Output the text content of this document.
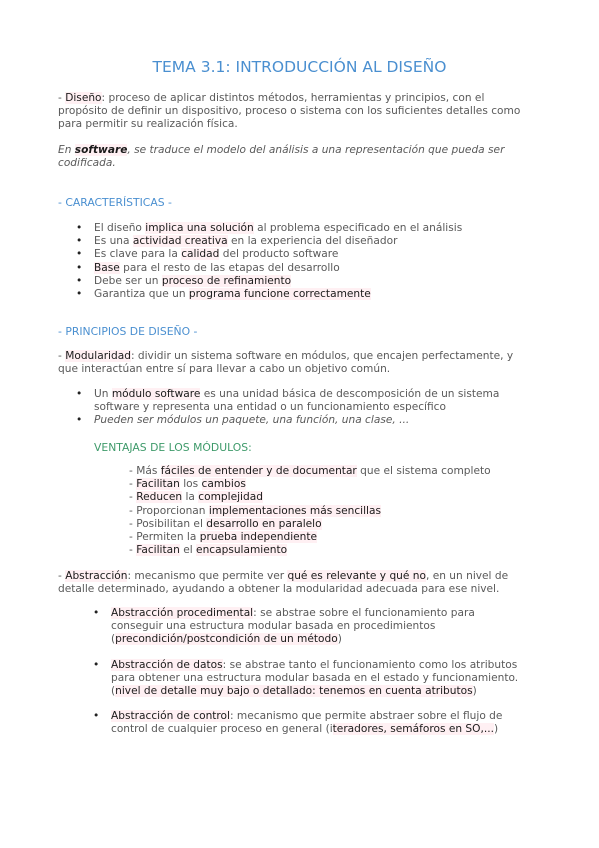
TEMA 3.1: INTRODUCCIÓN AL DISEÑO

- Diseño: proceso de aplicar distintos métodos, herramientas y principios, con el

propósito de definir un dispositivo, proceso o sistema con los suficientes detalles como

para permitir su realización física.

En software, se traduce el modelo del análisis a una representación que pueda ser

codificada.

- CARACTERÍSTICAS -
• El diseño implica una solución al problema especificado en el análisis
• Es una actividad creativa en la experiencia del diseñador
• Es clave para la calidad del producto software
• Base para el resto de las etapas del desarrollo
• Debe ser un proceso de refinamiento
• Garantiza que un programa funcione correctamente
- PRINCIPIOS DE DISEÑO -

- Modularidad: dividir un sistema software en módulos, que encajen perfectamente, y

que interactúan entre sí para llevar a cabo un objetivo común.

• Un módulo software es una unidad básica de descomposición de un sistema

software y representa una entidad o un funcionamiento específico

• Pueden ser módulos un paquete, una función, una clase, ...
VENTAJAS DE LOS MÓDULOS:

- Más fáciles de entender y de documentar que el sistema completo

- Facilitan los cambios

- Reducen la complejidad

- Proporcionan implementaciones más sencillas

- Posibilitan el desarrollo en paralelo

- Permiten la prueba independiente

- Facilitan el encapsulamiento

- Abstracción: mecanismo que permite ver qué es relevante y qué no, en un nivel de

detalle determinado, ayudando a obtener la modularidad adecuada para ese nivel.

• Abstracción procedimental: se abstrae sobre el funcionamiento para

conseguir una estructura modular basada en procedimientos

(precondición/postcondición de un método)

• Abstracción de datos: se abstrae tanto el funcionamiento como los atributos

para obtener una estructura modular basada en el estado y funcionamiento.

(nivel de detalle muy bajo o detallado: tenemos en cuenta atributos)

• Abstracción de control: mecanismo que permite abstraer sobre el flujo de

control de cualquier proceso en general (iteradores, semáforos en SO,...)
